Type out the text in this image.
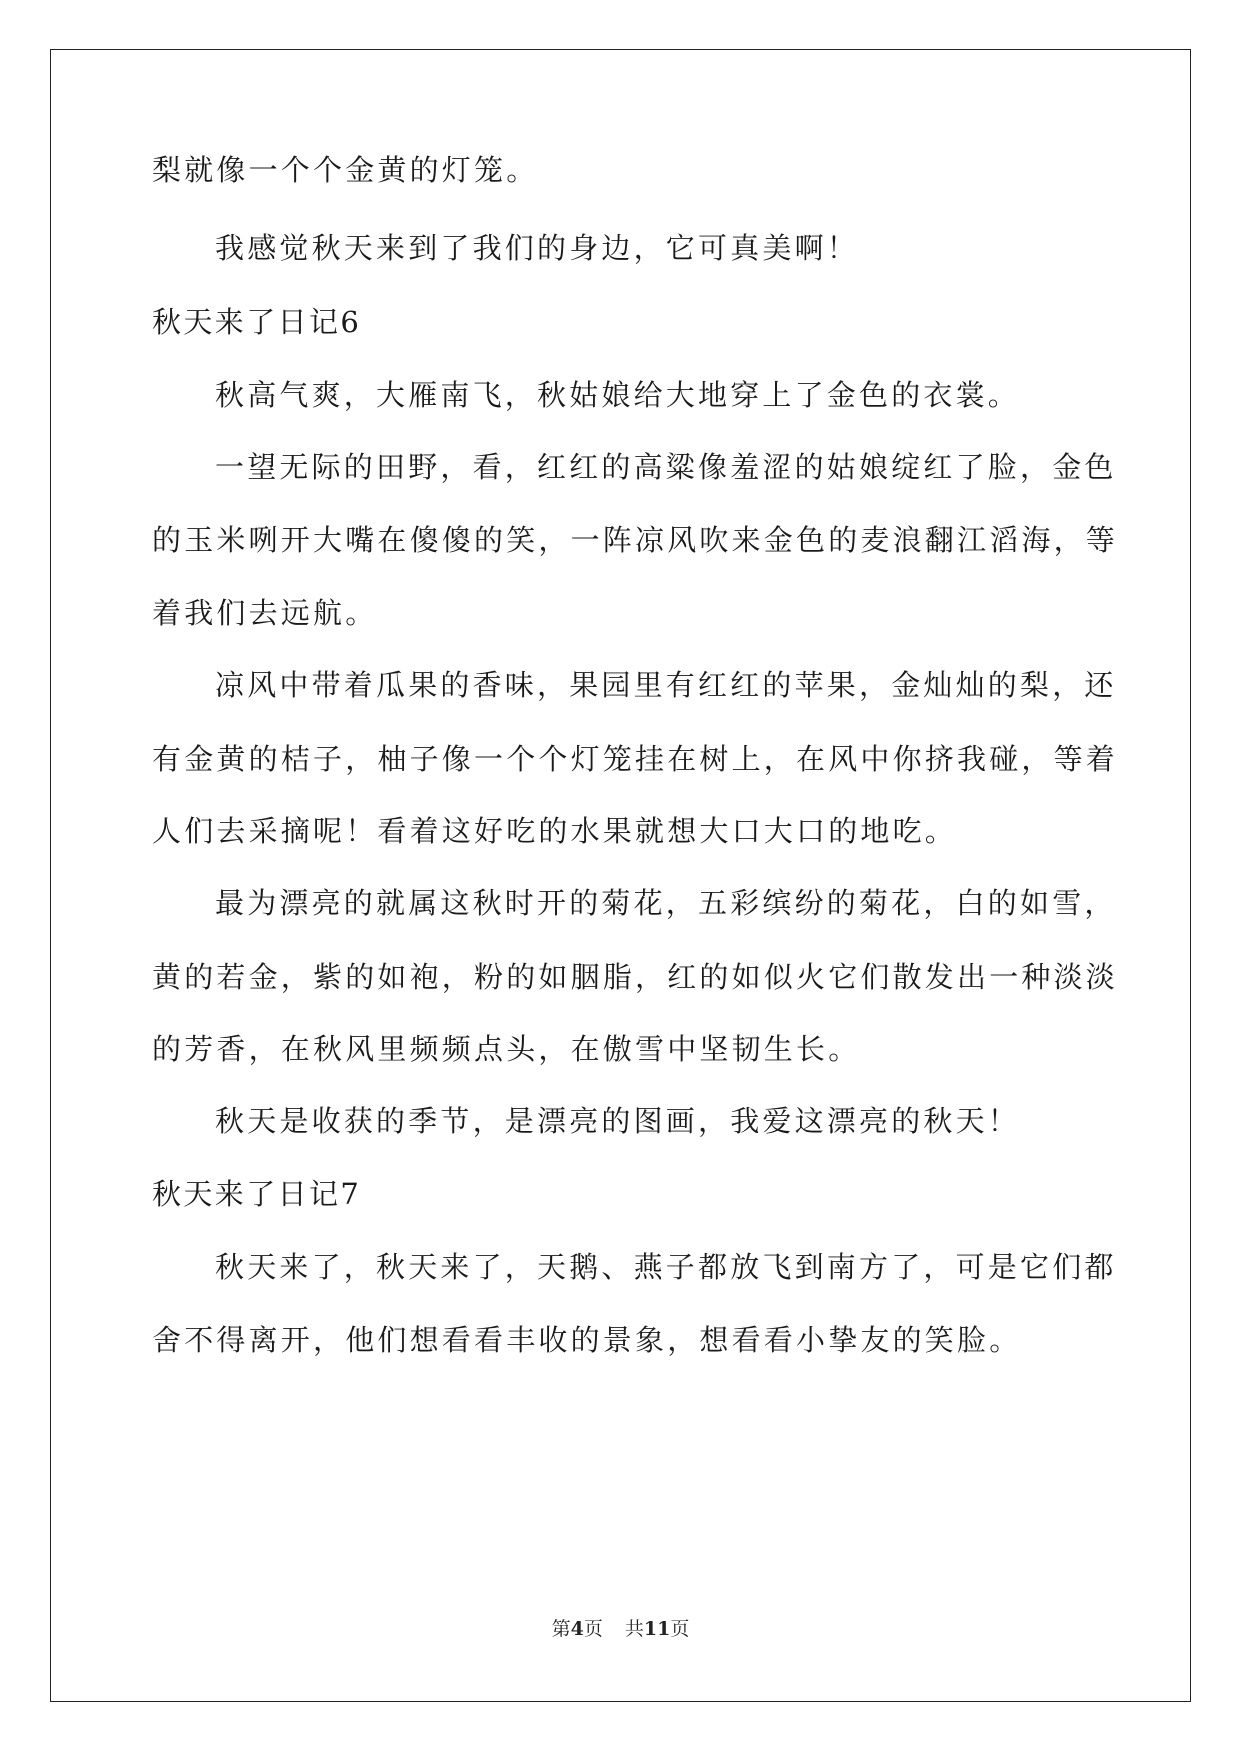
梨就像一个个金黄的灯笼。
我感觉秋天来到了我们的身边，它可真美啊！
秋天来了日记6
秋高气爽，大雁南飞，秋姑娘给大地穿上了金色的衣裳。
一望无际的田野，看，红红的高粱像羞涩的姑娘绽红了脸，金色
的玉米咧开大嘴在傻傻的笑，一阵凉风吹来金色的麦浪翻江滔海，等
着我们去远航。
凉风中带着瓜果的香味，果园里有红红的苹果，金灿灿的梨，还
有金黄的桔子，柚子像一个个灯笼挂在树上，在风中你挤我碰，等着
人们去采摘呢！看着这好吃的水果就想大口大口的地吃。
最为漂亮的就属这秋时开的菊花，五彩缤纷的菊花，白的如雪，
黄的若金，紫的如袍，粉的如胭脂，红的如似火它们散发出一种淡淡
的芳香，在秋风里频频点头，在傲雪中坚韧生长。
秋天是收获的季节，是漂亮的图画，我爱这漂亮的秋天！
秋天来了日记7
秋天来了，秋天来了，天鹅、燕子都放飞到南方了，可是它们都
舍不得离开，他们想看看丰收的景象，想看看小挚友的笑脸。
第4页 共11页
